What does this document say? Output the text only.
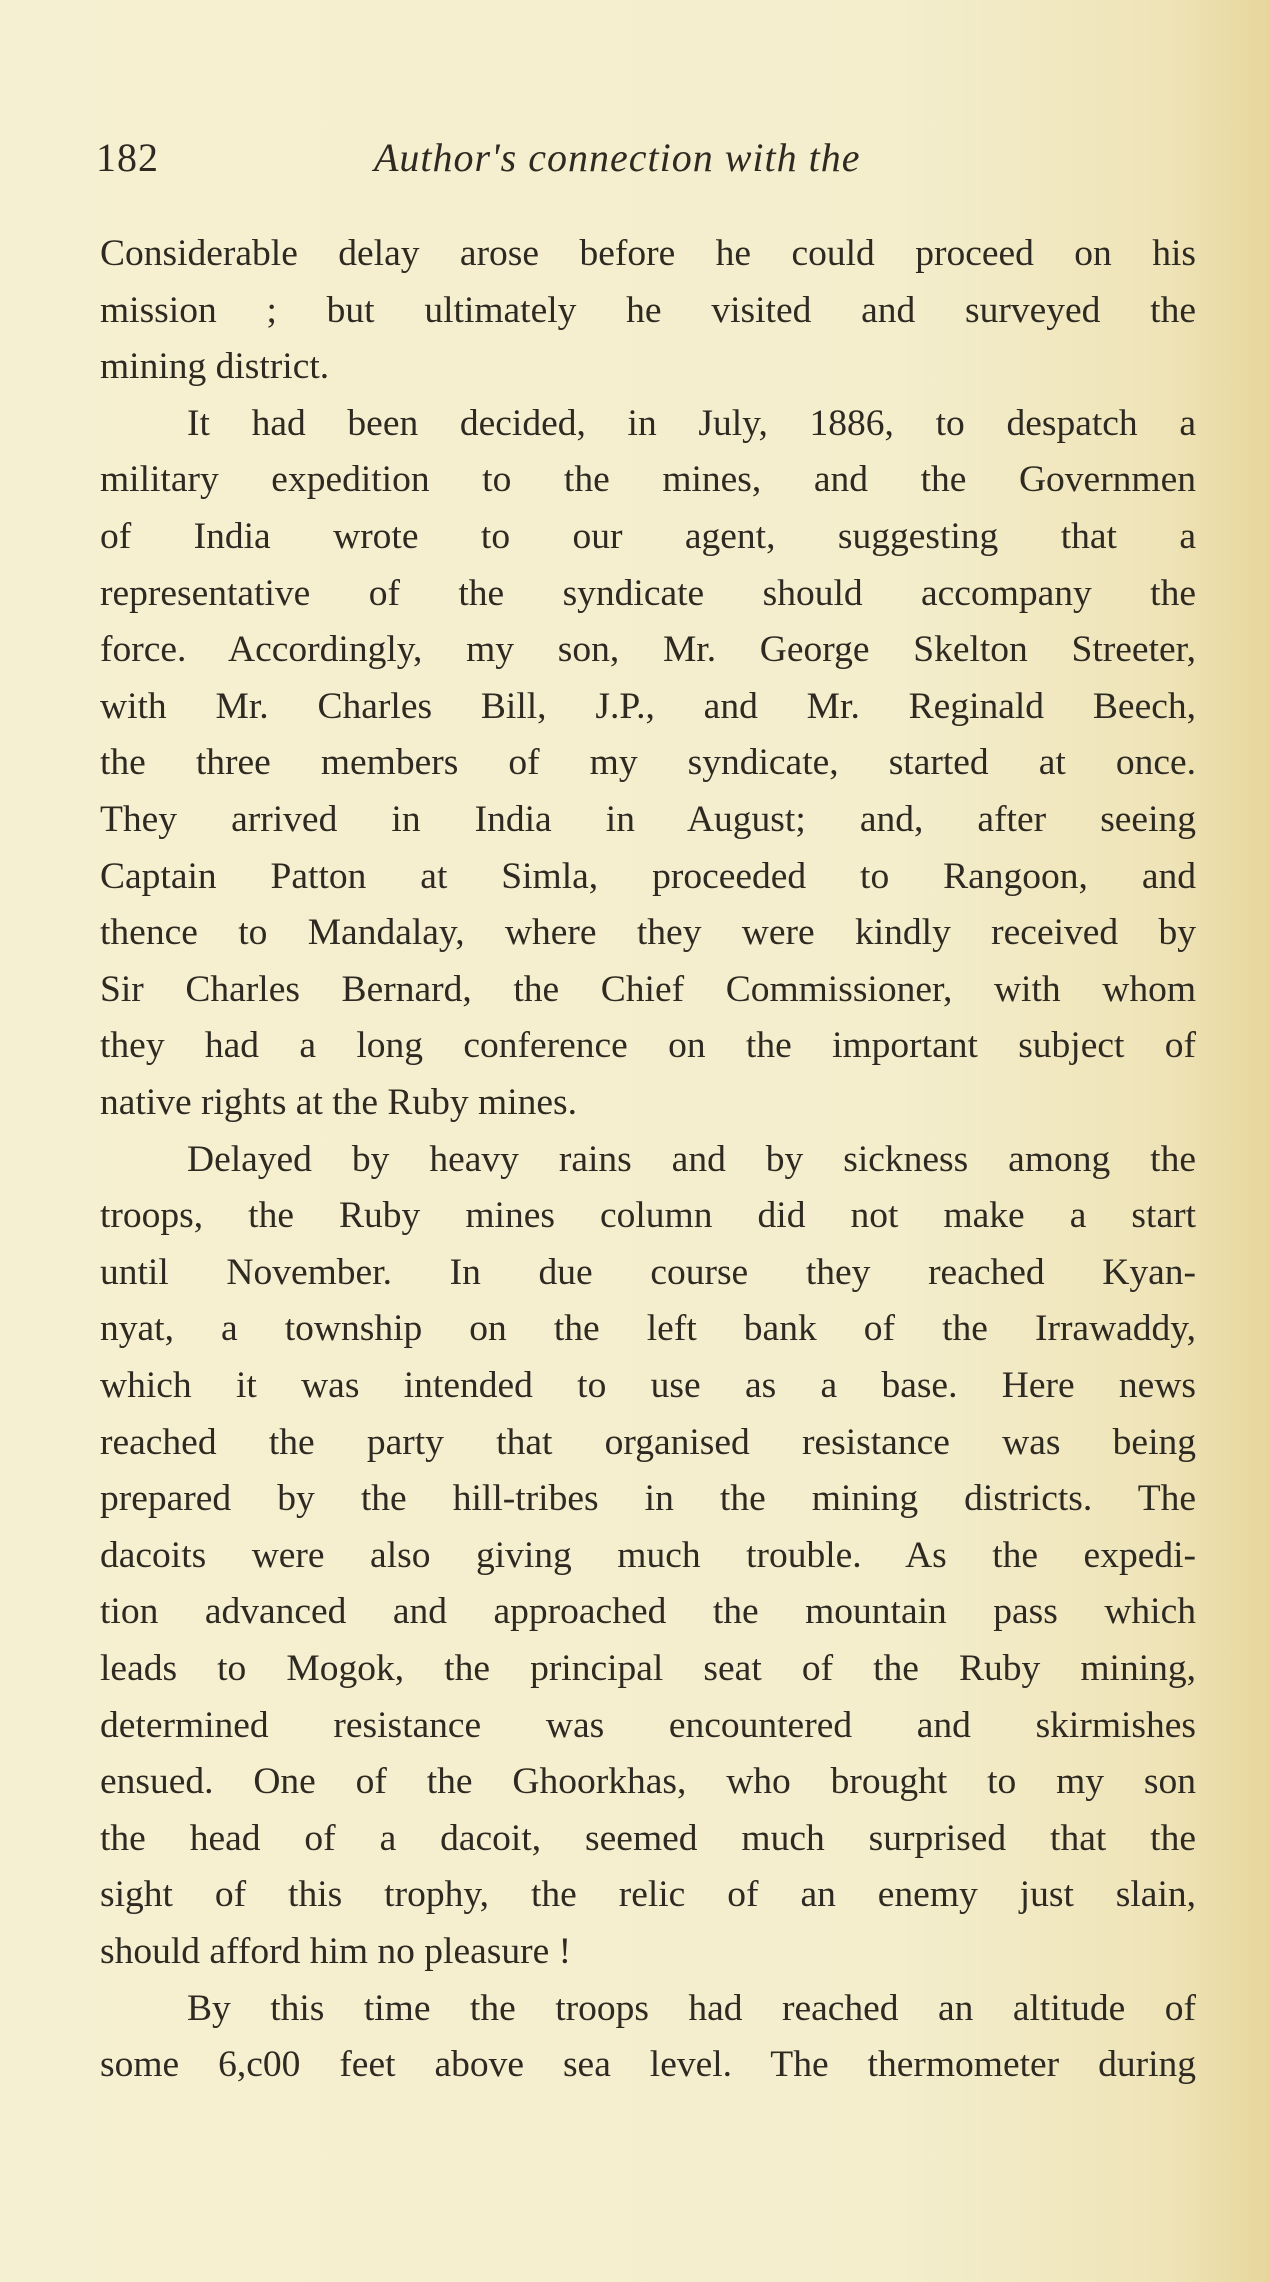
182	Author's connection with the
Considerable delay arose before he could proceed on his
mission ; but ultimately he visited and surveyed the
mining district.
It had been decided, in July, 1886, to despatch a
military expedition to the mines, and the Governmen
of India wrote to our agent, suggesting that a
representative of the syndicate should accompany the
force. Accordingly, my son, Mr. George Skelton Streeter,
with Mr. Charles Bill, J.P., and Mr. Reginald Beech,
the three members of my syndicate, started at once.
They arrived in India in August; and, after seeing
Captain Patton at Simla, proceeded to Rangoon, and
thence to Mandalay, where they were kindly received by
Sir Charles Bernard, the Chief Commissioner, with whom
they had a long conference on the important subject of
native rights at the Ruby mines.
Delayed by heavy rains and by sickness among the
troops, the Ruby mines column did not make a start
until November. In due course they reached Kyan-
nyat, a township on the left bank of the Irrawaddy,
which it was intended to use as a base. Here news
reached the party that organised resistance was being
prepared by the hill-tribes in the mining districts. The
dacoits were also giving much trouble. As the expedi-
tion advanced and approached the mountain pass which
leads to Mogok, the principal seat of the Ruby mining,
determined resistance was encountered and skirmishes
ensued. One of the Ghoorkhas, who brought to my son
the head of a dacoit, seemed much surprised that the
sight of this trophy, the relic of an enemy just slain,
should afford him no pleasure !
By this time the troops had reached an altitude of
some 6,c00 feet above sea level. The thermometer during
